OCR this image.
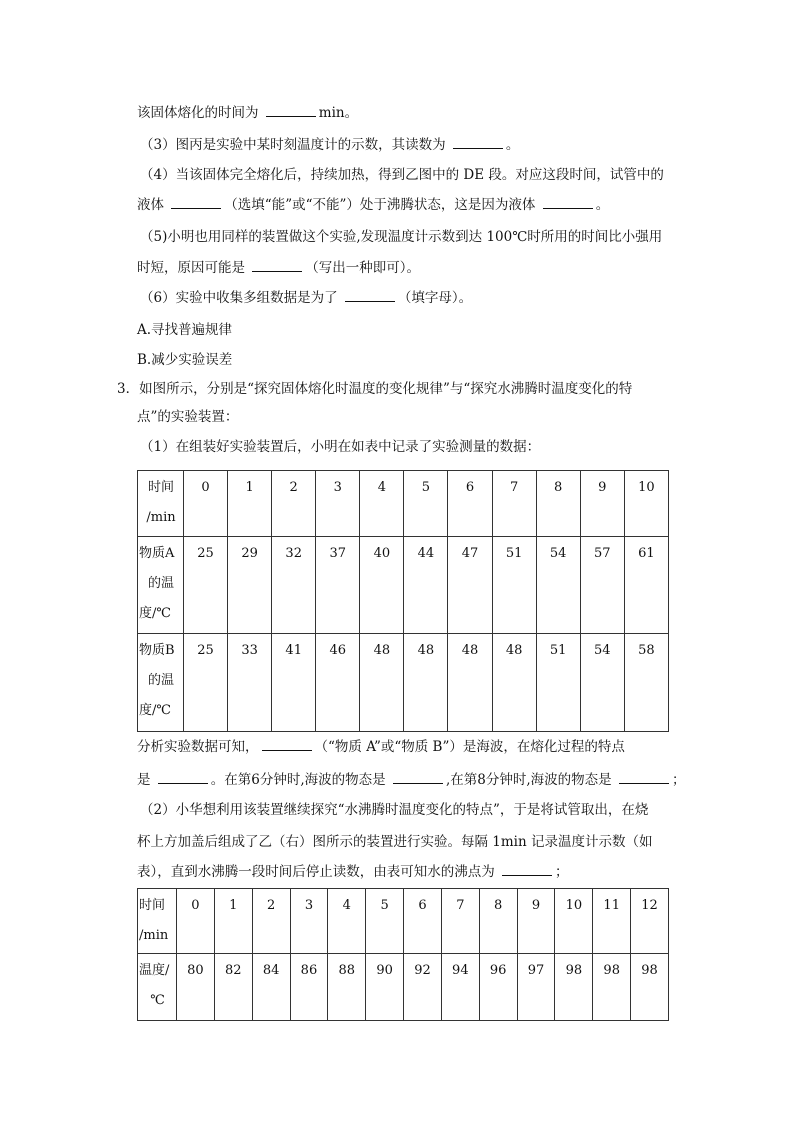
该固体熔化的时间为	min。
（3）图丙是实验中某时刻温度计的示数，其读数为	。
（4）当该固体完全熔化后，持续加热，得到乙图中的 DE 段。对应这段时间，试管中的
液体	（选填“能”或“不能”）处于沸腾状态，这是因为液体	。
（5)小明也用同样的装置做这个实验,发现温度计示数到达 100℃时所用的时间比小强用
时短，原因可能是	（写出一种即可）。
（6）实验中收集多组数据是为了	（填字母）。
A.寻找普遍规律
B.减少实验误差
3．如图所示，分别是“探究固体熔化时温度的变化规律”与“探究水沸腾时温度变化的特
点”的实验装置：
（1）在组装好实验装置后，小明在如表中记录了实验测量的数据：
时间
/min	0	1	2	3	4	5	6	7	8	9	10

物质A
的温
度/℃	25	29	32	37	40	44	47	51	54	57	61

物质B
的温
度/℃	25	33	41	46	48	48	48	48	51	54	58
分析实验数据可知，	（“物质 A”或“物质 B”）是海波，在熔化过程的特点
是	。在第6分钟时,海波的物态是	,在第8分钟时,海波的物态是	；
（2）小华想利用该装置继续探究“水沸腾时温度变化的特点”，于是将试管取出，在烧
杯上方加盖后组成了乙（右）图所示的装置进行实验。每隔 1min 记录温度计示数（如
表），直到水沸腾一段时间后停止读数，由表可知水的沸点为	；
时间
/min	0	1	2	3	4	5	6	7	8	9	10	11	12

温度/
℃	80	82	84	86	88	90	92	94	96	97	98	98	98
